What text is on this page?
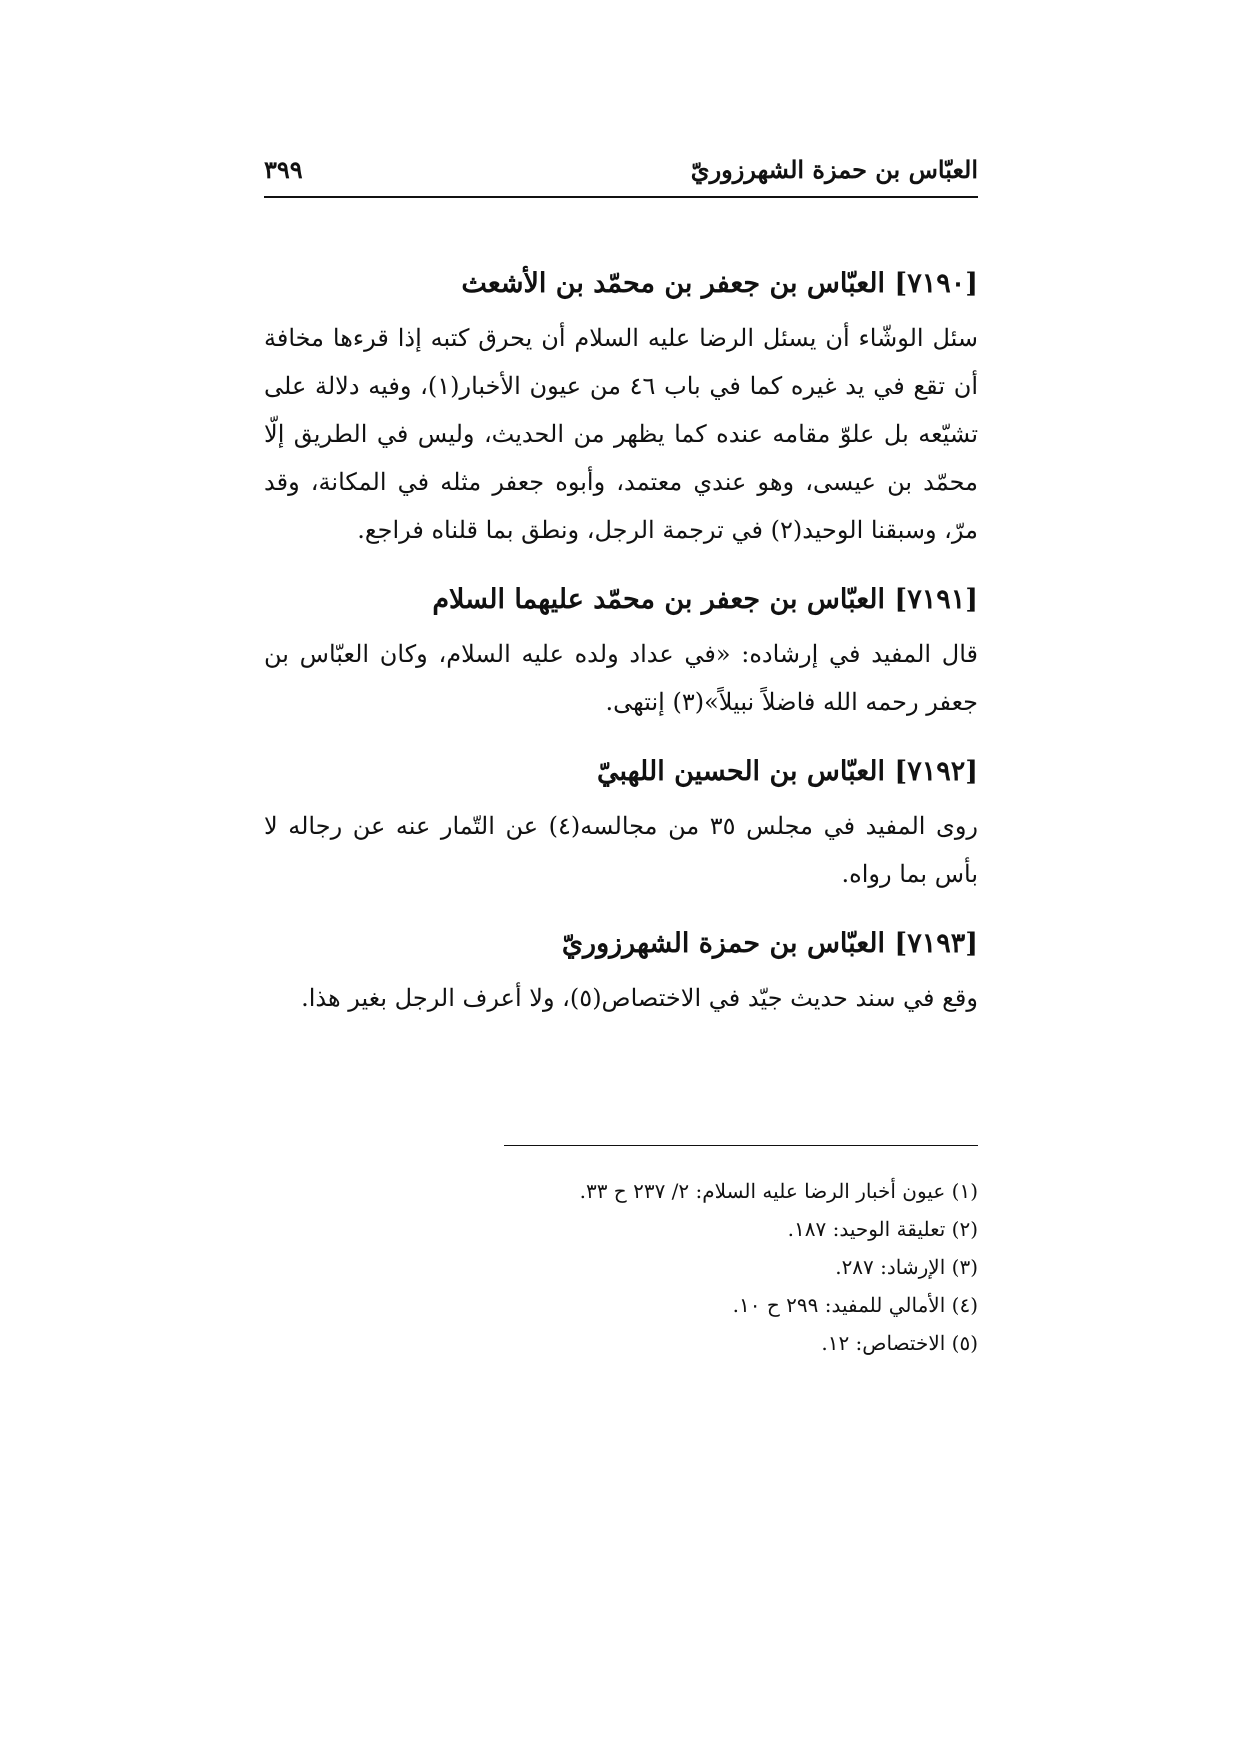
العبّاس بن حمزة الشهرزوريّ
٣٩٩
[٧١٩٠] العبّاس بن جعفر بن محمّد بن الأشعث

سئل الوشّاء أن يسئل الرضا عليه السلام أن يحرق كتبه إذا قرءها مخافة أن تقع في يد غيره كما في باب ٤٦ من عيون الأخبار(١)، وفيه دلالة على تشيّعه بل علوّ مقامه عنده كما يظهر من الحديث، وليس في الطريق إلّا محمّد بن عيسى، وهو عندي معتمد، وأبوه جعفر مثله في المكانة، وقد مرّ، وسبقنا الوحيد(٢) في ترجمة الرجل، ونطق بما قلناه فراجع.

[٧١٩١] العبّاس بن جعفر بن محمّد عليهما السلام

قال المفيد في إرشاده: «في عداد ولده عليه السلام، وكان العبّاس بن جعفر رحمه الله فاضلاً نبيلاً»(٣) إنتهى.

[٧١٩٢] العبّاس بن الحسين اللهبيّ

روى المفيد في مجلس ٣٥ من مجالسه(٤) عن التّمار عنه عن رجاله لا بأس بما رواه.

[٧١٩٣] العبّاس بن حمزة الشهرزوريّ

وقع في سند حديث جيّد في الاختصاص(٥)، ولا أعرف الرجل بغير هذا.

(١) عيون أخبار الرضا عليه السلام: ٢/ ٢٣٧ ح ٣٣.

(٢) تعليقة الوحيد: ١٨٧.

(٣) الإرشاد: ٢٨٧.

(٤) الأمالي للمفيد: ٢٩٩ ح ١٠.

(٥) الاختصاص: ١٢.
